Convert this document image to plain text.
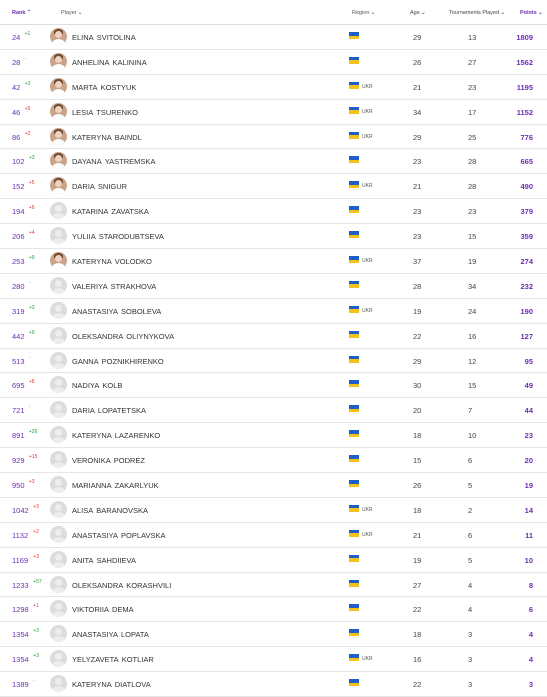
Rank⌃	Player⌄	Region⌄	Age⌄	Tournaments Played⌄	Points⌄
24 +1	ELINA SVITOLINA	29	13	1809
28 -	ANHELINA KALININA	26	27	1562
42 +3	MARTA KOSTYUK	UKR	21	23	1195
46 +5	LESIA TSURENKO	UKR	34	17	1152
86 +2	KATERYNA BAINDL	UKR	29	25	776
102 +3	DAYANA YASTREMSKA	23	28	665
152 +5	DARIA SNIGUR	UKR	21	28	490
194 +6	KATARINA ZAVATSKA	23	23	379
206 +4	YULIIA STARODUBTSEVA	23	15	359
253 +9	KATERYNA VOLODKO	UKR	37	19	274
280 -	VALERIYA STRAKHOVA	28	34	232
319 +3	ANASTASIYA SOBOLEVA	UKR	19	24	190
442 +9	OLEKSANDRA OLIYNYKOVA	22	16	127
513 -	GANNA POZNIKHIRENKO	29	12	95
695 +8	NADIYA KOLB	30	15	49
721 -	DARIA LOPATETSKA	20	7	44
891 +26	KATERYNA LAZARENKO	18	10	23
929 +15	VERONIKA PODREZ	15	6	20
950 +3	MARIANNA ZAKARLYUK	26	5	19
1042 +3	ALISA BARANOVSKA	UKR	18	2	14
1132 +2	ANASTASIYA POPLAVSKA	UKR	21	6	11
1169 +3	ANITA SAHDIIEVA	19	5	10
1233 +57	OLEKSANDRA KORASHVILI	27	4	8
1298 +1	VIKTORIIA DEMA	22	4	6
1354 +3	ANASTASIYA LOPATA	18	3	4
1354 +3	YELYZAVETA KOTLIAR	UKR	16	3	4
1389 -	KATERYNA DIATLOVA	22	3	3
